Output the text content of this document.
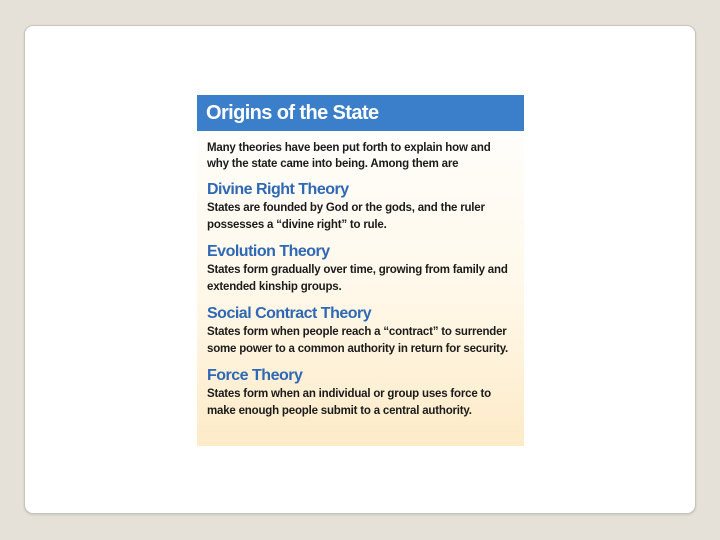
Origins of the State
Many theories have been put forth to explain how and why the state came into being. Among them are
Divine Right Theory
States are founded by God or the gods, and the ruler possesses a “divine right” to rule.
Evolution Theory
States form gradually over time, growing from family and extended kinship groups.
Social Contract Theory
States form when people reach a “contract” to surrender some power to a common authority in return for security.
Force Theory
States form when an individual or group uses force to make enough people submit to a central authority.
